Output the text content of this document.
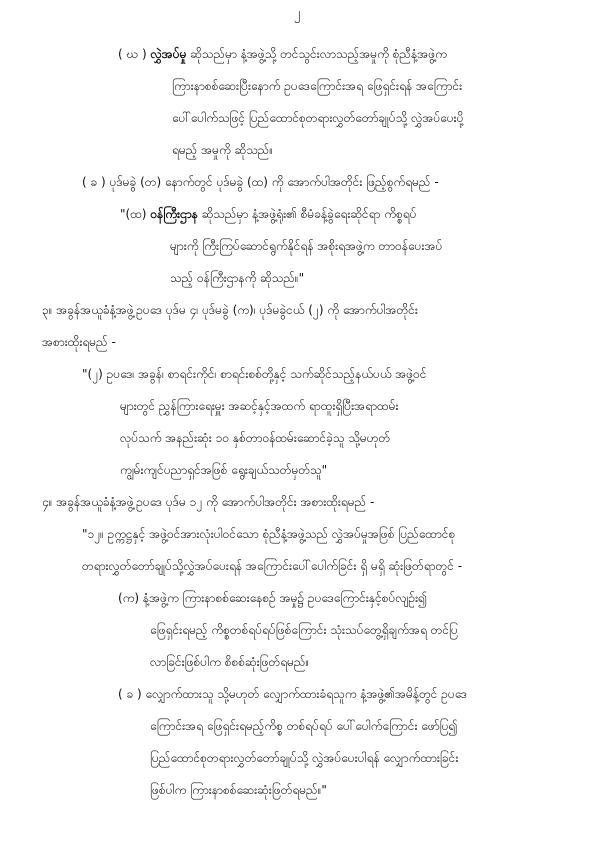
၂
( ဃ ) လွှဲအပ်မှု ဆိုသည်မှာ နံ့အဖွဲ့သို့ တင်သွင်းလာသည့်အမှုကို စုံညီနံ့အဖွဲ့က
ကြားနာစစ်ဆေးပြီးနောက် ဥပဒေကြောင်းအရ ဖြေရှင်းရန် အကြောင်း
ပေါ်ပေါက်သဖြင့် ပြည်ထောင်စုတရားလွှတ်တော်ချုပ်သို့ လွှဲအပ်ပေးပို့
ရမည့် အမှုကို ဆိုသည်။
( ခ ) ပုဒ်မခွဲ (တ) နောက်တွင် ပုဒ်မခွဲ (ထ) ကို အောက်ပါအတိုင်း ဖြည့်စွက်ရမည် -
"(ထ) ဝန်ကြီးဌာန ဆိုသည်မှာ နံ့အဖွဲ့ရုံး၏ စီမံခန့်ခွဲရေးဆိုင်ရာ ကိစ္စရပ်
များကို ကြီးကြပ်ဆောင်ရွက်နိုင်ရန် အစိုးရအဖွဲ့က တာဝန်ပေးအပ်
သည့် ဝန်ကြီးဌာနကို ဆိုသည်။"
၃။ အခွန်အယူခံနံ့အဖွဲ့ဥပဒေ ပုဒ်မ ၄၊ ပုဒ်မခွဲ (က)၊ ပုဒ်မခွဲငယ် (၂) ကို အောက်ပါအတိုင်း
အစားထိုးရမည် -
"(၂) ဥပဒေ၊ အခွန်၊ စာရင်းကိုင်၊ စာရင်းစစ်တို့နှင့် သက်ဆိုင်သည့်နယ်ပယ် အဖွဲ့ဝင်
များတွင် ညွှန်ကြားရေးမှူး အဆင့်နှင့်အထက် ရာထူးရှိပြီးအရာထမ်း
လုပ်သက် အနည်းဆုံး ၁၀ နှစ်တာဝန်ထမ်းဆောင်ခဲ့သူ သို့မဟုတ်
ကျွမ်းကျင်ပညာရှင်အဖြစ် ရွေးချယ်သတ်မှတ်သူ"
၄။ အခွန်အယူခံနံ့အဖွဲ့ဥပဒေ ပုဒ်မ ၁၂ ကို အောက်ပါအတိုင်း အစားထိုးရမည် -
"၁၂။ ဥက္ကဋ္ဌနှင့် အဖွဲ့ဝင်အားလုံးပါဝင်သော စုံညီနံ့အဖွဲ့သည် လွှဲအပ်မှုအဖြစ် ပြည်ထောင်စု
တရားလွှတ်တော်ချုပ်သို့လွှဲအပ်ပေးရန် အကြောင်းပေါ်ပေါက်ခြင်း ရှိ မရှိ ဆုံးဖြတ်ရာတွင် -
(က) နံ့အဖွဲ့က ကြားနာစစ်ဆေးနေစဉ် အမှု၌ ဥပဒေကြောင်းနှင့်စပ်လျဉ်း၍
ဖြေရှင်းရမည့် ကိစ္စတစ်ရပ်ရပ်ဖြစ်ကြောင်း သုံးသပ်တွေ့ရှိချက်အရ တင်ပြ
လာခြင်းဖြစ်ပါက စိစစ်ဆုံးဖြတ်ရမည်။
( ခ ) လျှောက်ထားသူ သို့မဟုတ် လျှောက်ထားခံရသူက နံ့အဖွဲ့၏အမိန့်တွင် ဥပဒေ
ကြောင်းအရ ဖြေရှင်းရမည့်ကိစ္စ တစ်ရပ်ရပ် ပေါ်ပေါက်ကြောင်း ဖော်ပြ၍
ပြည်ထောင်စုတရားလွှတ်တော်ချုပ်သို့ လွှဲအပ်ပေးပါရန် လျှောက်ထားခြင်း
ဖြစ်ပါက ကြားနာစစ်ဆေးဆုံးဖြတ်ရမည်။"
